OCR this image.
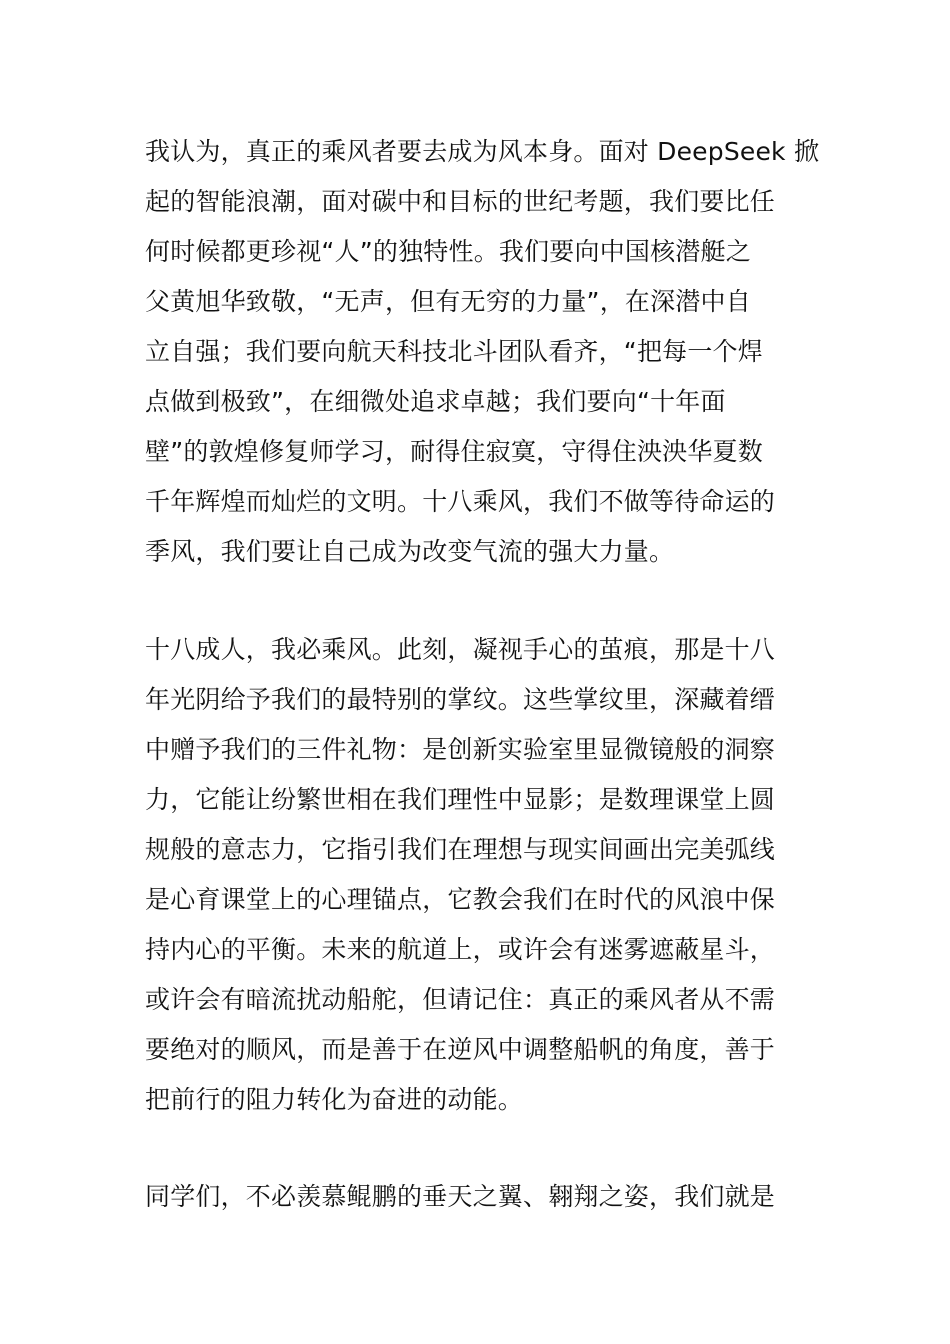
我认为，真正的乘风者要去成为风本身。面对 DeepSeek 掀
起的智能浪潮，面对碳中和目标的世纪考题，我们要比任
何时候都更珍视“人”的独特性。我们要向中国核潜艇之
父黄旭华致敬，“无声，但有无穷的力量”，在深潜中自
立自强；我们要向航天科技北斗团队看齐，“把每一个焊
点做到极致”，在细微处追求卓越；我们要向“十年面
壁”的敦煌修复师学习，耐得住寂寞，守得住泱泱华夏数
千年辉煌而灿烂的文明。十八乘风，我们不做等待命运的
季风，我们要让自己成为改变气流的强大力量。
十八成人，我必乘风。此刻，凝视手心的茧痕，那是十八
年光阴给予我们的最特别的掌纹。这些掌纹里，深藏着缙
中赠予我们的三件礼物：是创新实验室里显微镜般的洞察
力，它能让纷繁世相在我们理性中显影；是数理课堂上圆
规般的意志力，它指引我们在理想与现实间画出完美弧线
是心育课堂上的心理锚点，它教会我们在时代的风浪中保
持内心的平衡。未来的航道上，或许会有迷雾遮蔽星斗，
或许会有暗流扰动船舵，但请记住：真正的乘风者从不需
要绝对的顺风，而是善于在逆风中调整船帆的角度，善于
把前行的阻力转化为奋进的动能。
同学们，不必羡慕鲲鹏的垂天之翼、翱翔之姿，我们就是
